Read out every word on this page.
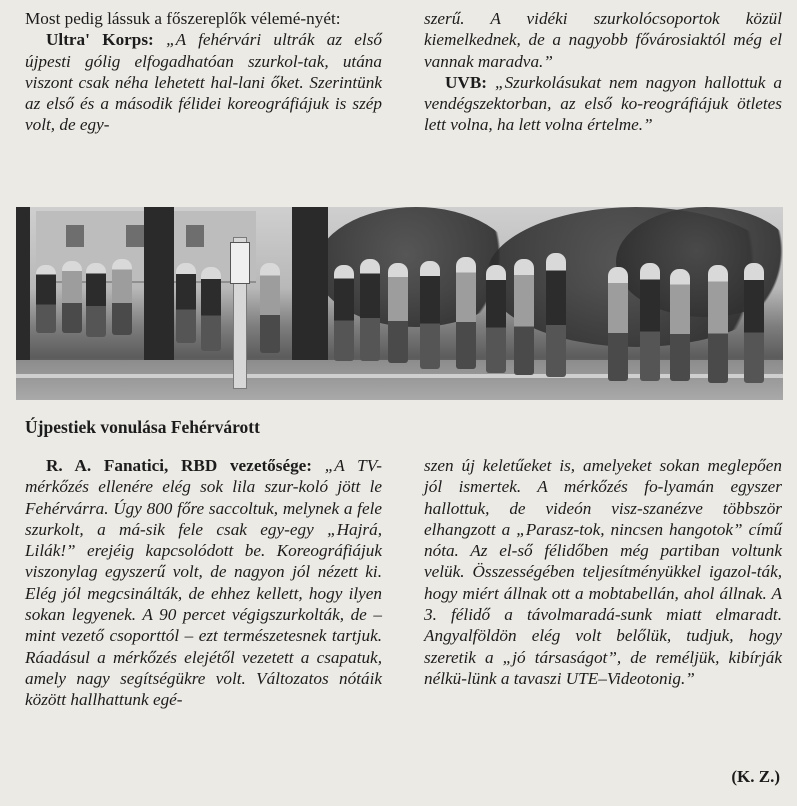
Most pedig lássuk a főszereplők vélemé-nyét:

Ultra' Korps: „A fehérvári ultrák az első újpesti gólig elfogadhatóan szurkol-tak, utána viszont csak néha lehetett hal-lani őket. Szerintünk az első és a második félidei koreográfiájuk is szép volt, de egy-

szerű. A vidéki szurkolócsoportok közül kiemelkednek, de a nagyobb fővárosiaktól még el vannak maradva.”

UVB: „Szurkolásukat nem nagyon hallottuk a vendégszektorban, az első ko-reográfiájuk ötletes lett volna, ha lett volna értelme.”

Újpestiek vonulása Fehérvárott

R. A. Fanatici, RBD vezetősége: „A TV- mérkőzés ellenére elég sok lila szur-koló jött le Fehérvárra. Úgy 800 főre saccoltuk, melynek a fele szurkolt, a má-sik fele csak egy-egy „Hajrá, Lilák!” erejéig kapcsolódott be. Koreográfiájuk viszonylag egyszerű volt, de nagyon jól nézett ki. Elég jól megcsinálták, de ehhez kellett, hogy ilyen sokan legyenek. A 90 percet végigszurkolták, de – mint vezető csoporttól – ezt természetesnek tartjuk. Ráadásul a mérkőzés elejétől vezetett a csapatuk, amely nagy segítségükre volt. Változatos nótáik között hallhattunk egé-

szen új keletűeket is, amelyeket sokan meglepően jól ismertek. A mérkőzés fo-lyamán egyszer hallottuk, de videón visz-szanézve többször elhangzott a „Parasz-tok, nincsen hangotok” című nóta. Az el-ső félidőben még partiban voltunk velük. Összességében teljesítményükkel igazol-ták, hogy miért állnak ott a mobtabellán, ahol állnak. A 3. félidő a távolmaradá-sunk miatt elmaradt. Angyalföldön elég volt belőlük, tudjuk, hogy szeretik a „jó társaságot”, de reméljük, kibírják nélkü-lünk a tavaszi UTE–Videotonig.”

(K. Z.)
